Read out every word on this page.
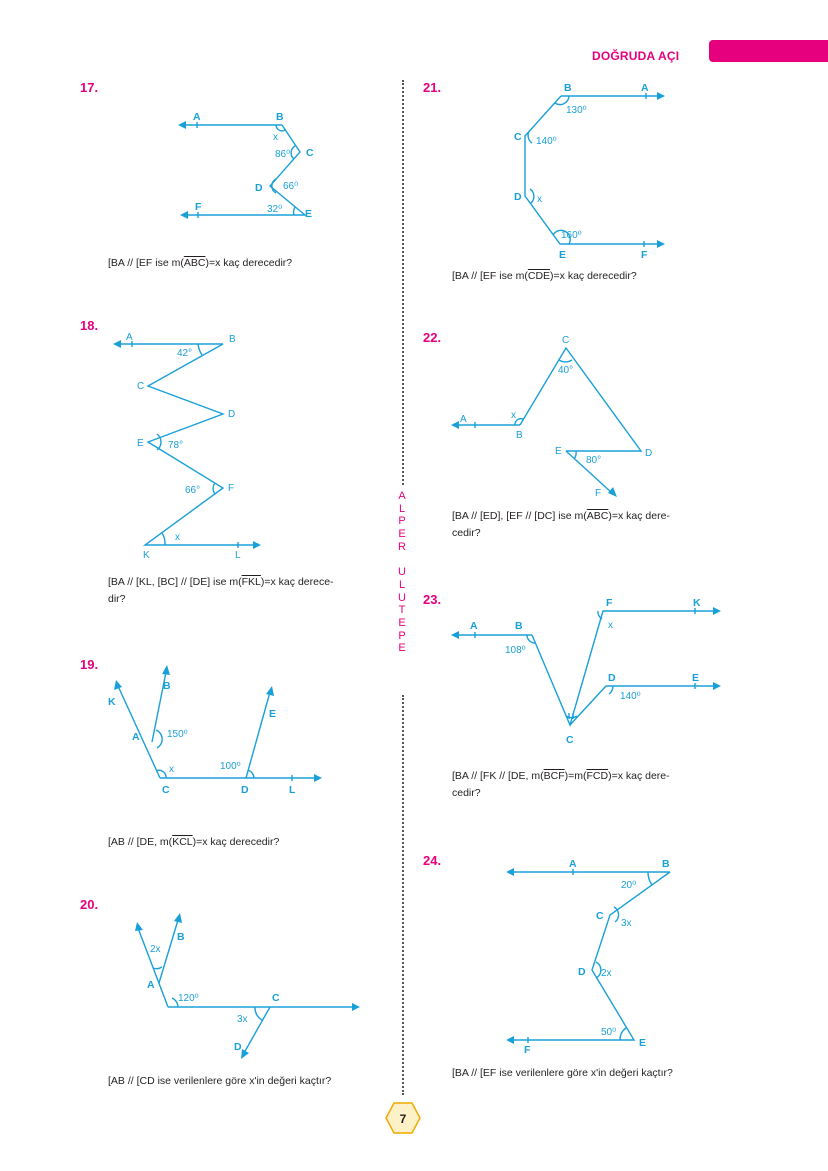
DOĞRUDA AÇI
A
L
P
E
R

U
L
U
T
E
P
E
17.
A	B
C
D
E
F
x
86⁰
66⁰
32⁰
[BA // [EF ise $m(\overline{ABC})=x$ kaç derecedir?
18.
A	B
C
D
E
F
K	L
x
42°
78°
66°
[BA // [KL, [BC] // [DE] ise $m(\overline{FKL})=x$ kaç derece-
dir?
19.
K
B
A
E
C	D	L
x
150⁰
100⁰
[AB // [DE, $m(\overline{KCL})=x$ kaç derecedir?
20.
B
A
C
D
2x
120⁰
3x
[AB // [CD ise verilenlere göre x'in değeri kaçtır?
21.	B	A
C
D
E	F
x
130⁰
140⁰
160⁰
[BA // [EF ise $m(\overline{CDE})=x$ kaç derecedir?
22.	C
A
B
E	D
F
x
40°
80°
[BA // [ED], [EF // [DC] ise $m(\overline{ABC})=x$ kaç dere-
cedir?
23.
A	B
F	K
D	E
C
x
108⁰
140⁰
[BA // [FK // [DE, $m(\overline{BCF})=m(\overline{FCD})=x$ kaç dere-
cedir?
24.	A	B
C
D
E
F
20⁰
3x
2x
50⁰
[BA // [EF ise verilenlere göre x'in değeri kaçtır?
7
